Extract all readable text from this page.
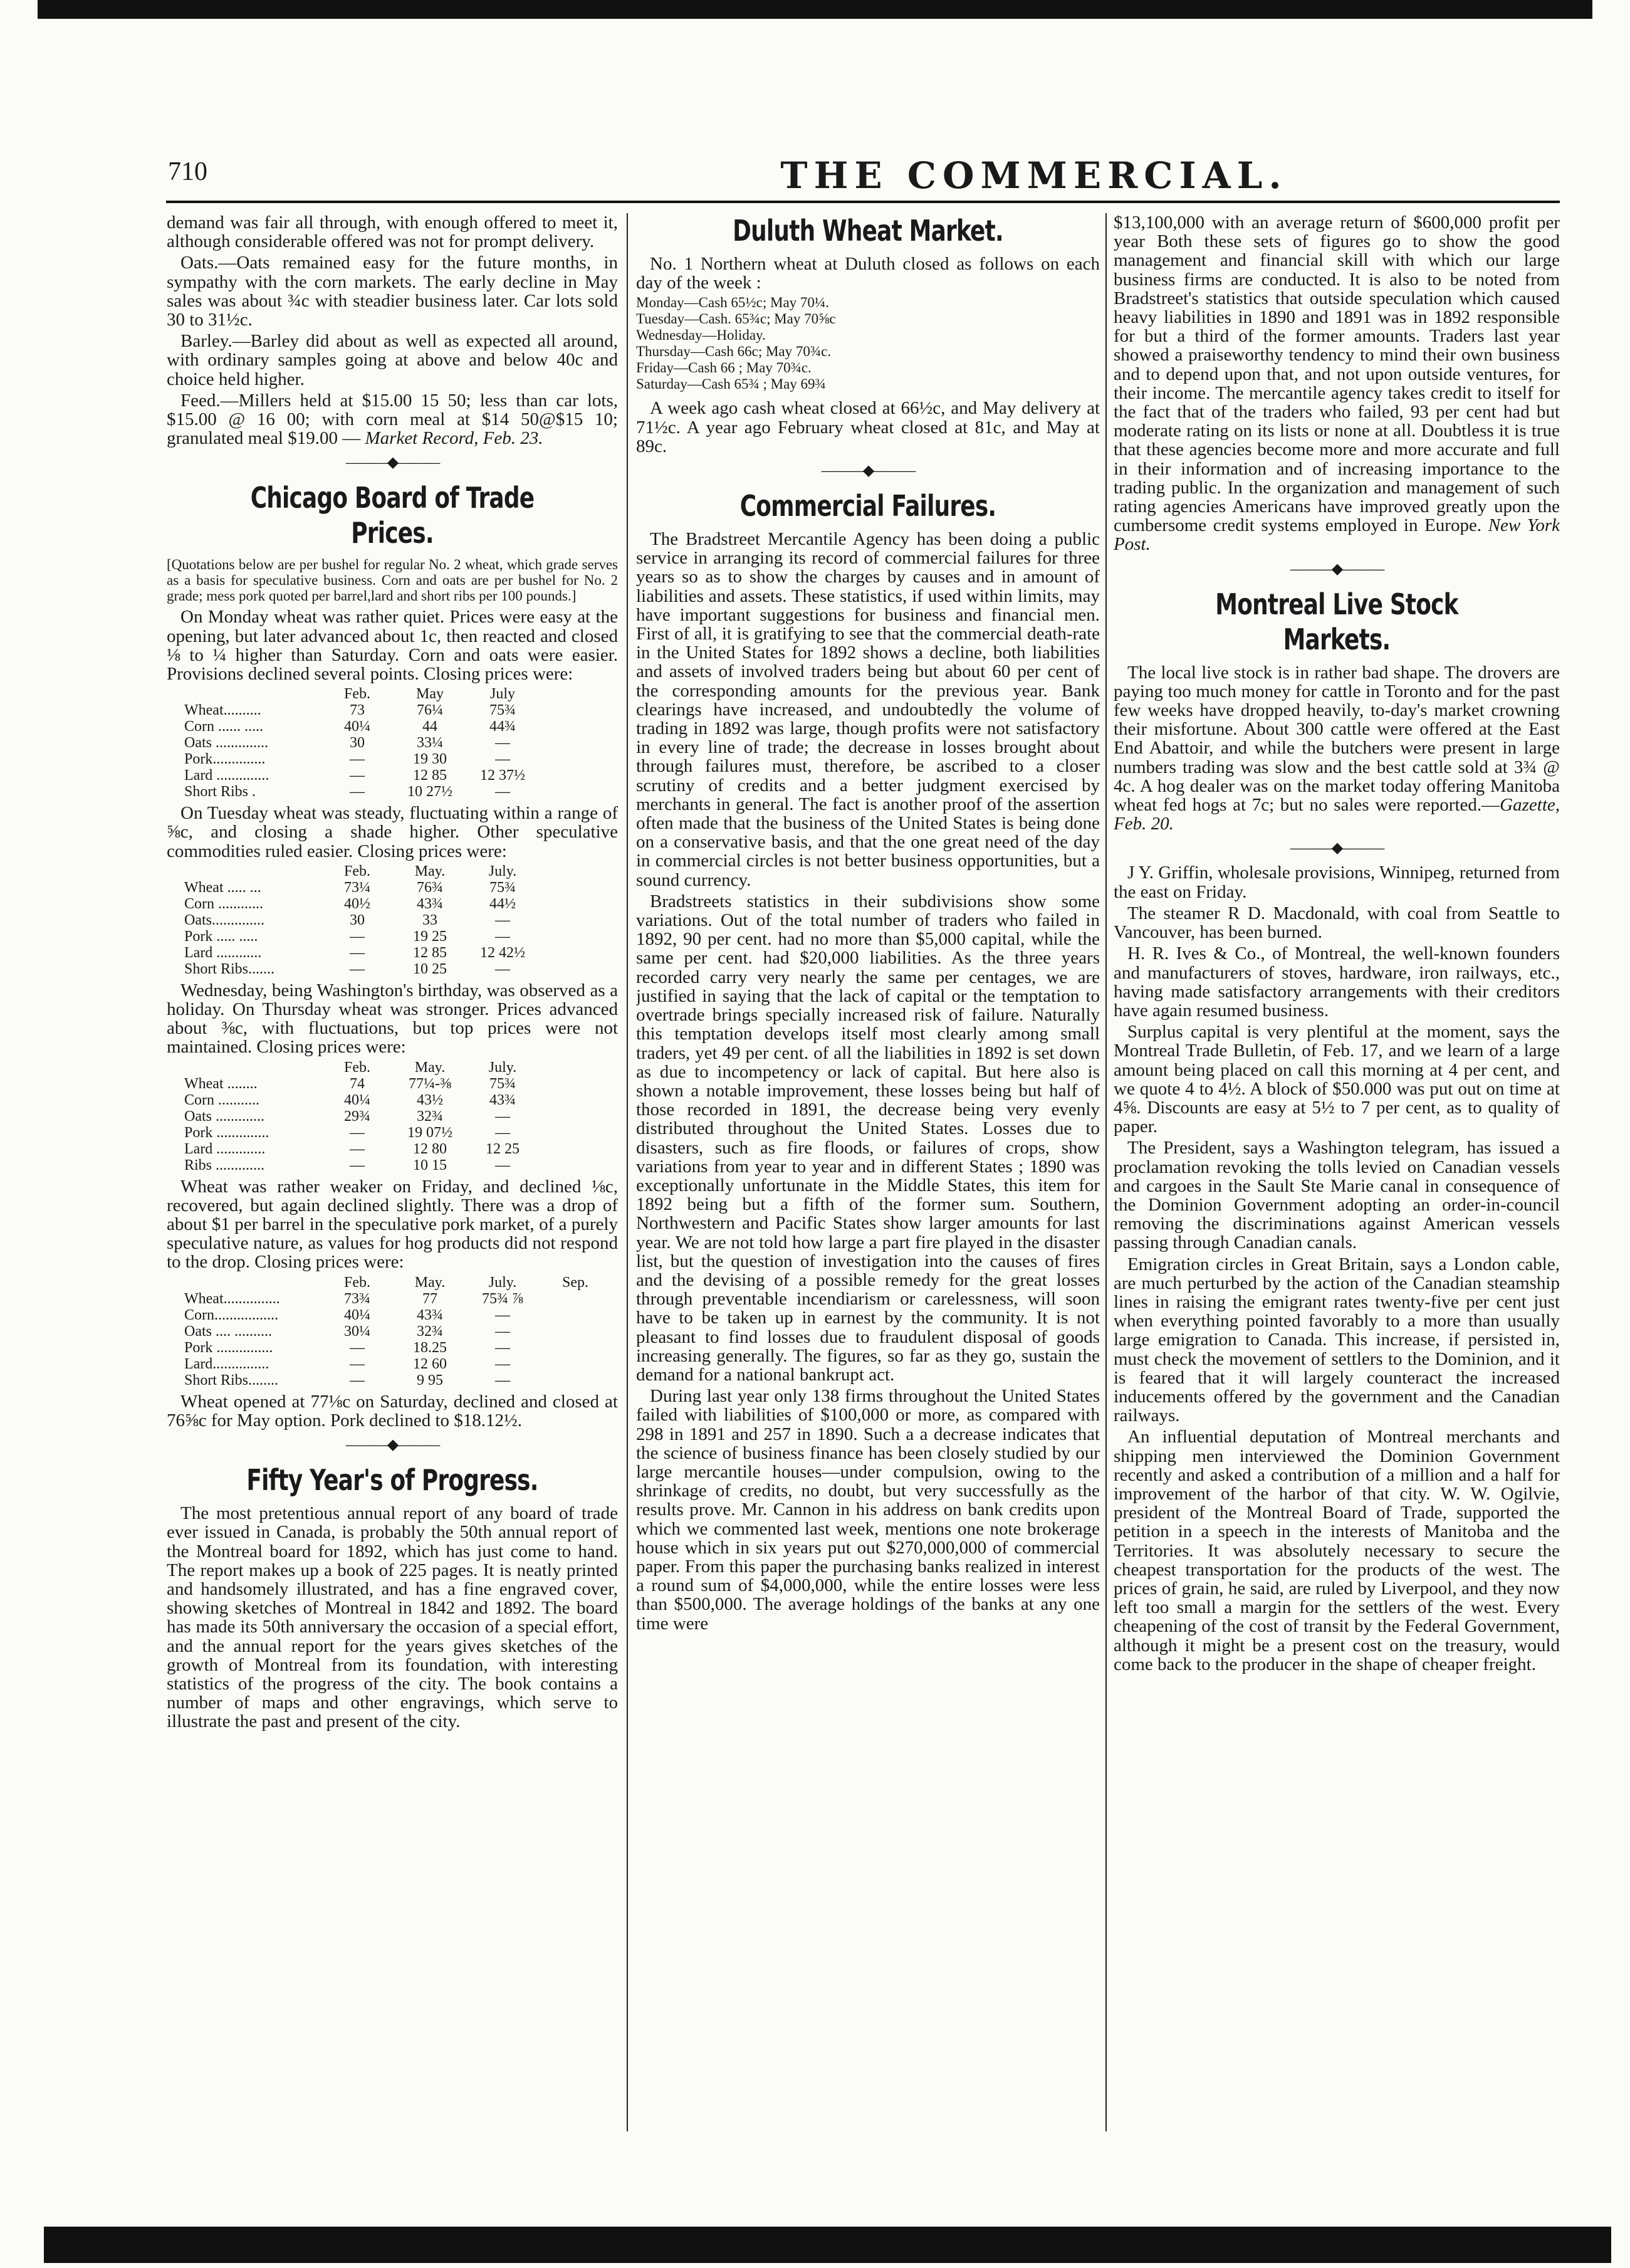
710	THE COMMERCIAL.

demand was fair all through, with enough offered to meet it, although considerable offered was not for prompt delivery.

Oats.—Oats remained easy for the future months, in sympathy with the corn markets. The early decline in May sales was about ¾c with steadier business later. Car lots sold 30 to 31½c.

Barley.—Barley did about as well as expected all around, with ordinary samples going at above and below 40c and choice held higher.

Feed.—Millers held at $15.00 15 50; less than car lots, $15.00 @ 16 00; with corn meal at $14 50@$15 10; granulated meal $19.00 — Market Record, Feb. 23.

———◆———
Chicago Board of Trade Prices.

[Quotations below are per bushel for regular No. 2 wheat, which grade serves as a basis for speculative business. Corn and oats are per bushel for No. 2 grade; mess pork quoted per barrel,lard and short ribs per 100 pounds.]

On Monday wheat was rather quiet. Prices were easy at the opening, but later advanced about 1c, then reacted and closed ⅛ to ¼ higher than Saturday. Corn and oats were easier. Provisions declined several points. Closing prices were:

	Feb.	May	July
Wheat..........	73	76¼	75¾
Corn ...... .....	40¼	44	44¾
Oats ..............	30	33¼	—
Pork..............	—	19 30	—
Lard ..............	—	12 85	12 37½
Short Ribs .	—	10 27½	—

On Tuesday wheat was steady, fluctuating within a range of ⅝c, and closing a shade higher. Other speculative commodities ruled easier. Closing prices were:

	Feb.	May.	July.
Wheat ..... ...	73¼	76¾	75¾
Corn ............	40½	43¾	44½
Oats..............	30	33	—
Pork ..... .....	—	19 25	—
Lard ............	—	12 85	12 42½
Short Ribs.......	—	10 25	—

Wednesday, being Washington's birthday, was observed as a holiday. On Thursday wheat was stronger. Prices advanced about ⅜c, with fluctuations, but top prices were not maintained. Closing prices were:

	Feb.	May.	July.
Wheat ........	74	77¼-⅜	75¾
Corn ...........	40¼	43½	43¾
Oats .............	29¾	32¾	—
Pork ..............	—	19 07½	—
Lard .............	—	12 80	12 25
Ribs .............	—	10 15	—

Wheat was rather weaker on Friday, and declined ⅛c, recovered, but again declined slightly. There was a drop of about $1 per barrel in the speculative pork market, of a purely speculative nature, as values for hog products did not respond to the drop. Closing prices were:

	Feb.	May.	July.	Sep.
Wheat...............	73¾	77	75¾ ⅞	
Corn.................	40¼	43¾	—	
Oats .... ..........	30¼	32¾	—	
Pork ...............	—	18.25	—	
Lard...............	—	12 60	—	
Short Ribs........	—	9 95	—	

Wheat opened at 77⅛c on Saturday, declined and closed at 76⅝c for May option. Pork declined to $18.12½.

———◆———
Fifty Year's of Progress.

The most pretentious annual report of any board of trade ever issued in Canada, is probably the 50th annual report of the Montreal board for 1892, which has just come to hand. The report makes up a book of 225 pages. It is neatly printed and handsomely illustrated, and has a fine engraved cover, showing sketches of Montreal in 1842 and 1892. The board has made its 50th anniversary the occasion of a special effort, and the annual report for the years gives sketches of the growth of Montreal from its foundation, with interesting statistics of the progress of the city. The book contains a number of maps and other engravings, which serve to illustrate the past and present of the city.

Duluth Wheat Market.

No. 1 Northern wheat at Duluth closed as follows on each day of the week :

Monday—Cash 65½c; May 70¼.
Tuesday—Cash. 65¾c; May 70⅝c
Wednesday—Holiday.
Thursday—Cash 66c; May 70¾c.
Friday—Cash 66 ; May 70¾c.
Saturday—Cash 65¾ ; May 69¾

A week ago cash wheat closed at 66½c, and May delivery at 71½c. A year ago February wheat closed at 81c, and May at 89c.

———◆———
Commercial Failures.

The Bradstreet Mercantile Agency has been doing a public service in arranging its record of commercial failures for three years so as to show the charges by causes and in amount of liabilities and assets. These statistics, if used within limits, may have important suggestions for business and financial men. First of all, it is gratifying to see that the commercial death-rate in the United States for 1892 shows a decline, both liabilities and assets of involved traders being but about 60 per cent of the corresponding amounts for the previous year. Bank clearings have increased, and undoubtedly the volume of trading in 1892 was large, though profits were not satisfactory in every line of trade; the decrease in losses brought about through failures must, therefore, be ascribed to a closer scrutiny of credits and a better judgment exercised by merchants in general. The fact is another proof of the assertion often made that the business of the United States is being done on a conservative basis, and that the one great need of the day in commercial circles is not better business opportunities, but a sound currency.

Bradstreets statistics in their subdivisions show some variations. Out of the total number of traders who failed in 1892, 90 per cent. had no more than $5,000 capital, while the same per cent. had $20,000 liabilities. As the three years recorded carry very nearly the same per centages, we are justified in saying that the lack of capital or the temptation to overtrade brings specially increased risk of failure. Naturally this temptation develops itself most clearly among small traders, yet 49 per cent. of all the liabilities in 1892 is set down as due to incompetency or lack of capital. But here also is shown a notable improvement, these losses being but half of those recorded in 1891, the decrease being very evenly distributed throughout the United States. Losses due to disasters, such as fire floods, or failures of crops, show variations from year to year and in different States ; 1890 was exceptionally unfortunate in the Middle States, this item for 1892 being but a fifth of the former sum. Southern, Northwestern and Pacific States show larger amounts for last year. We are not told how large a part fire played in the disaster list, but the question of investigation into the causes of fires and the devising of a possible remedy for the great losses through preventable incendiarism or carelessness, will soon have to be taken up in earnest by the community. It is not pleasant to find losses due to fraudulent disposal of goods increasing generally. The figures, so far as they go, sustain the demand for a national bankrupt act.

During last year only 138 firms throughout the United States failed with liabilities of $100,000 or more, as compared with 298 in 1891 and 257 in 1890. Such a a decrease indicates that the science of business finance has been closely studied by our large mercantile houses—under compulsion, owing to the shrinkage of credits, no doubt, but very successfully as the results prove. Mr. Cannon in his address on bank credits upon which we commented last week, mentions one note brokerage house which in six years put out $270,000,000 of commercial paper. From this paper the purchasing banks realized in interest a round sum of $4,000,000, while the entire losses were less than $500,000. The average holdings of the banks at any one time were

$13,100,000 with an average return of $600,000 profit per year Both these sets of figures go to show the good management and financial skill with which our large business firms are conducted. It is also to be noted from Bradstreet's statistics that outside speculation which caused heavy liabilities in 1890 and 1891 was in 1892 responsible for but a third of the former amounts. Traders last year showed a praiseworthy tendency to mind their own business and to depend upon that, and not upon outside ventures, for their income. The mercantile agency takes credit to itself for the fact that of the traders who failed, 93 per cent had but moderate rating on its lists or none at all. Doubtless it is true that these agencies become more and more accurate and full in their information and of increasing importance to the trading public. In the organization and management of such rating agencies Americans have improved greatly upon the cumbersome credit systems employed in Europe. New York Post.

———◆———
Montreal Live Stock Markets.

The local live stock is in rather bad shape. The drovers are paying too much money for cattle in Toronto and for the past few weeks have dropped heavily, to-day's market crowning their misfortune. About 300 cattle were offered at the East End Abattoir, and while the butchers were present in large numbers trading was slow and the best cattle sold at 3¾ @ 4c. A hog dealer was on the market today offering Manitoba wheat fed hogs at 7c; but no sales were reported.—Gazette, Feb. 20.

———◆———

J Y. Griffin, wholesale provisions, Winnipeg, returned from the east on Friday.

The steamer R D. Macdonald, with coal from Seattle to Vancouver, has been burned.

H. R. Ives & Co., of Montreal, the well-known founders and manufacturers of stoves, hardware, iron railways, etc., having made satisfactory arrangements with their creditors have again resumed business.

Surplus capital is very plentiful at the moment, says the Montreal Trade Bulletin, of Feb. 17, and we learn of a large amount being placed on call this morning at 4 per cent, and we quote 4 to 4½. A block of $50.000 was put out on time at 4⅝. Discounts are easy at 5½ to 7 per cent, as to quality of paper.

The President, says a Washington telegram, has issued a proclamation revoking the tolls levied on Canadian vessels and cargoes in the Sault Ste Marie canal in consequence of the Dominion Government adopting an order-in-council removing the discriminations against American vessels passing through Canadian canals.

Emigration circles in Great Britain, says a London cable, are much perturbed by the action of the Canadian steamship lines in raising the emigrant rates twenty-five per cent just when everything pointed favorably to a more than usually large emigration to Canada. This increase, if persisted in, must check the movement of settlers to the Dominion, and it is feared that it will largely counteract the increased inducements offered by the government and the Canadian railways.

An influential deputation of Montreal merchants and shipping men interviewed the Dominion Government recently and asked a contribution of a million and a half for improvement of the harbor of that city. W. W. Ogilvie, president of the Montreal Board of Trade, supported the petition in a speech in the interests of Manitoba and the Territories. It was absolutely necessary to secure the cheapest transportation for the products of the west. The prices of grain, he said, are ruled by Liverpool, and they now left too small a margin for the settlers of the west. Every cheapening of the cost of transit by the Federal Government, although it might be a present cost on the treasury, would come back to the producer in the shape of cheaper freight.
